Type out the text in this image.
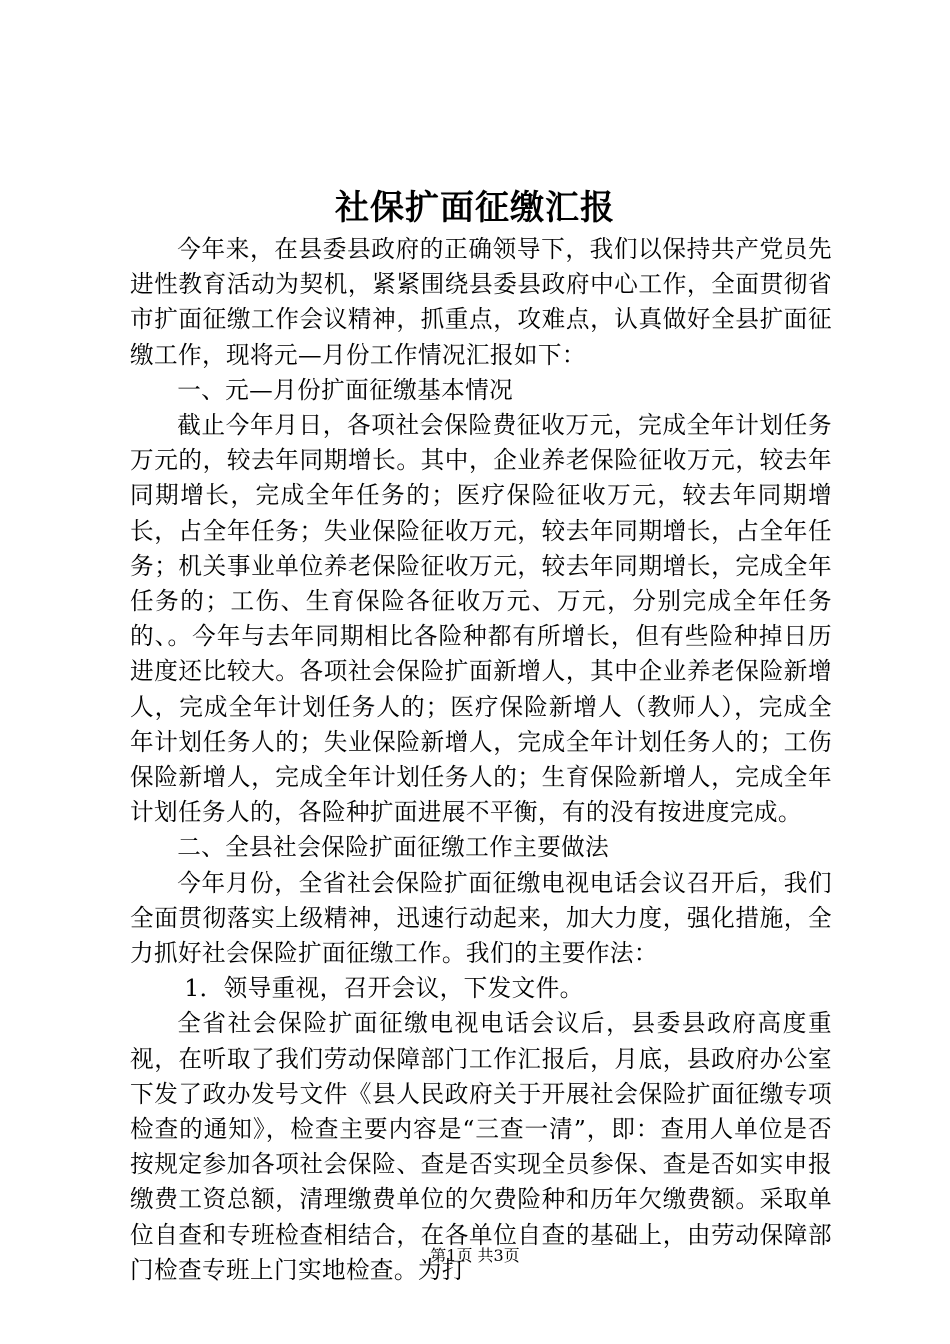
社保扩面征缴汇报

今年来，在县委县政府的正确领导下，我们以保持共产党员先进性教育活动为契机，紧紧围绕县委县政府中心工作，全面贯彻省市扩面征缴工作会议精神，抓重点，攻难点，认真做好全县扩面征缴工作，现将元—月份工作情况汇报如下：

一、元—月份扩面征缴基本情况

截止今年月日，各项社会保险费征收万元，完成全年计划任务万元的，较去年同期增长。其中，企业养老保险征收万元，较去年同期增长，完成全年任务的；医疗保险征收万元，较去年同期增长，占全年任务；失业保险征收万元，较去年同期增长，占全年任务；机关事业单位养老保险征收万元，较去年同期增长，完成全年任务的；工伤、生育保险各征收万元、万元，分别完成全年任务的、。今年与去年同期相比各险种都有所增长，但有些险种掉日历进度还比较大。各项社会保险扩面新增人，其中企业养老保险新增人，完成全年计划任务人的；医疗保险新增人（教师人），完成全年计划任务人的；失业保险新增人，完成全年计划任务人的；工伤保险新增人，完成全年计划任务人的；生育保险新增人，完成全年计划任务人的，各险种扩面进展不平衡，有的没有按进度完成。

二、全县社会保险扩面征缴工作主要做法

今年月份，全省社会保险扩面征缴电视电话会议召开后，我们全面贯彻落实上级精神，迅速行动起来，加大力度，强化措施，全力抓好社会保险扩面征缴工作。我们的主要作法：

1．领导重视，召开会议，下发文件。

全省社会保险扩面征缴电视电话会议后，县委县政府高度重视，在听取了我们劳动保障部门工作汇报后，月底，县政府办公室下发了政办发号文件《县人民政府关于开展社会保险扩面征缴专项检查的通知》，检查主要内容是“三查一清”，即：查用人单位是否按规定参加各项社会保险、查是否实现全员参保、查是否如实申报缴费工资总额，清理缴费单位的欠费险种和历年欠缴费额。采取单位自查和专班检查相结合，在各单位自查的基础上，由劳动保障部门检查专班上门实地检查。为打

第1页 共3页
